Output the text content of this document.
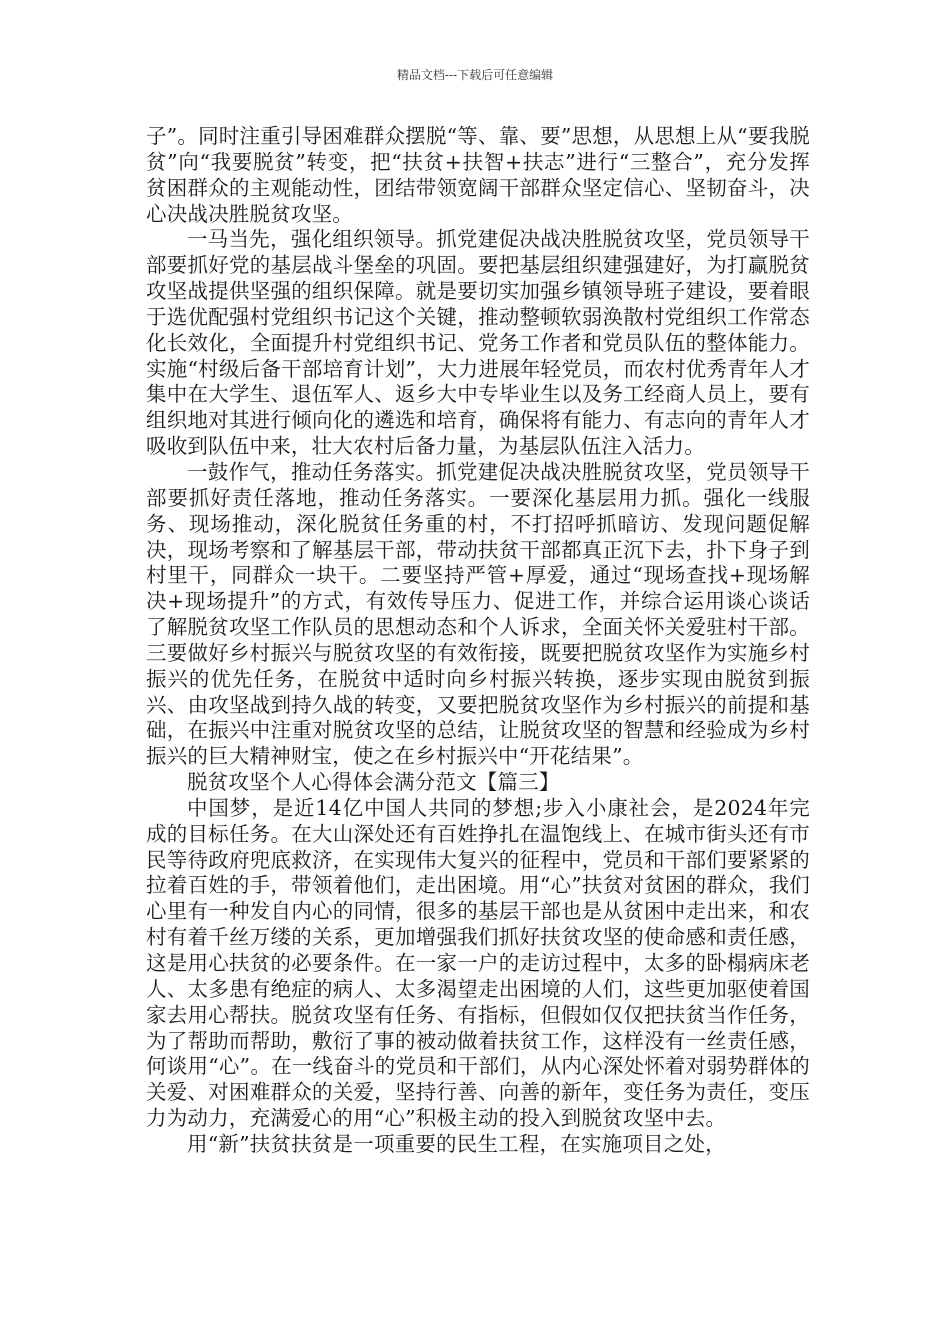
精品文档---下载后可任意编辑

子”。同时注重引导困难群众摆脱“等、靠、要”思想，从思想上从“要我脱贫”向“我要脱贫”转变，把“扶贫+扶智+扶志”进行“三整合”，充分发挥贫困群众的主观能动性，团结带领宽阔干部群众坚定信心、坚韧奋斗，决心决战决胜脱贫攻坚。

一马当先，强化组织领导。抓党建促决战决胜脱贫攻坚，党员领导干部要抓好党的基层战斗堡垒的巩固。要把基层组织建强建好，为打赢脱贫攻坚战提供坚强的组织保障。就是要切实加强乡镇领导班子建设，要着眼于选优配强村党组织书记这个关键，推动整顿软弱涣散村党组织工作常态化长效化，全面提升村党组织书记、党务工作者和党员队伍的整体能力。实施“村级后备干部培育计划”，大力进展年轻党员，而农村优秀青年人才集中在大学生、退伍军人、返乡大中专毕业生以及务工经商人员上，要有组织地对其进行倾向化的遴选和培育，确保将有能力、有志向的青年人才吸收到队伍中来，壮大农村后备力量，为基层队伍注入活力。

一鼓作气，推动任务落实。抓党建促决战决胜脱贫攻坚，党员领导干部要抓好责任落地，推动任务落实。一要深化基层用力抓。强化一线服务、现场推动，深化脱贫任务重的村，不打招呼抓暗访、发现问题促解决，现场考察和了解基层干部，带动扶贫干部都真正沉下去，扑下身子到村里干，同群众一块干。二要坚持严管+厚爱，通过“现场查找+现场解决+现场提升”的方式，有效传导压力、促进工作，并综合运用谈心谈话了解脱贫攻坚工作队员的思想动态和个人诉求，全面关怀关爱驻村干部。三要做好乡村振兴与脱贫攻坚的有效衔接，既要把脱贫攻坚作为实施乡村振兴的优先任务，在脱贫中适时向乡村振兴转换，逐步实现由脱贫到振兴、由攻坚战到持久战的转变，又要把脱贫攻坚作为乡村振兴的前提和基础，在振兴中注重对脱贫攻坚的总结，让脱贫攻坚的智慧和经验成为乡村振兴的巨大精神财宝，使之在乡村振兴中“开花结果”。

脱贫攻坚个人心得体会满分范文【篇三】

中国梦，是近14亿中国人共同的梦想;步入小康社会，是2024年完成的目标任务。在大山深处还有百姓挣扎在温饱线上、在城市街头还有市民等待政府兜底救济，在实现伟大复兴的征程中，党员和干部们要紧紧的拉着百姓的手，带领着他们，走出困境。用“心”扶贫对贫困的群众，我们心里有一种发自内心的同情，很多的基层干部也是从贫困中走出来，和农村有着千丝万缕的关系，更加增强我们抓好扶贫攻坚的使命感和责任感，这是用心扶贫的必要条件。在一家一户的走访过程中，太多的卧榻病床老人、太多患有绝症的病人、太多渴望走出困境的人们，这些更加驱使着国家去用心帮扶。脱贫攻坚有任务、有指标，但假如仅仅把扶贫当作任务，为了帮助而帮助，敷衍了事的被动做着扶贫工作，这样没有一丝责任感，何谈用“心”。在一线奋斗的党员和干部们，从内心深处怀着对弱势群体的关爱、对困难群众的关爱，坚持行善、向善的新年，变任务为责任，变压力为动力，充满爱心的用“心”积极主动的投入到脱贫攻坚中去。

用“新”扶贫扶贫是一项重要的民生工程，在实施项目之处，
